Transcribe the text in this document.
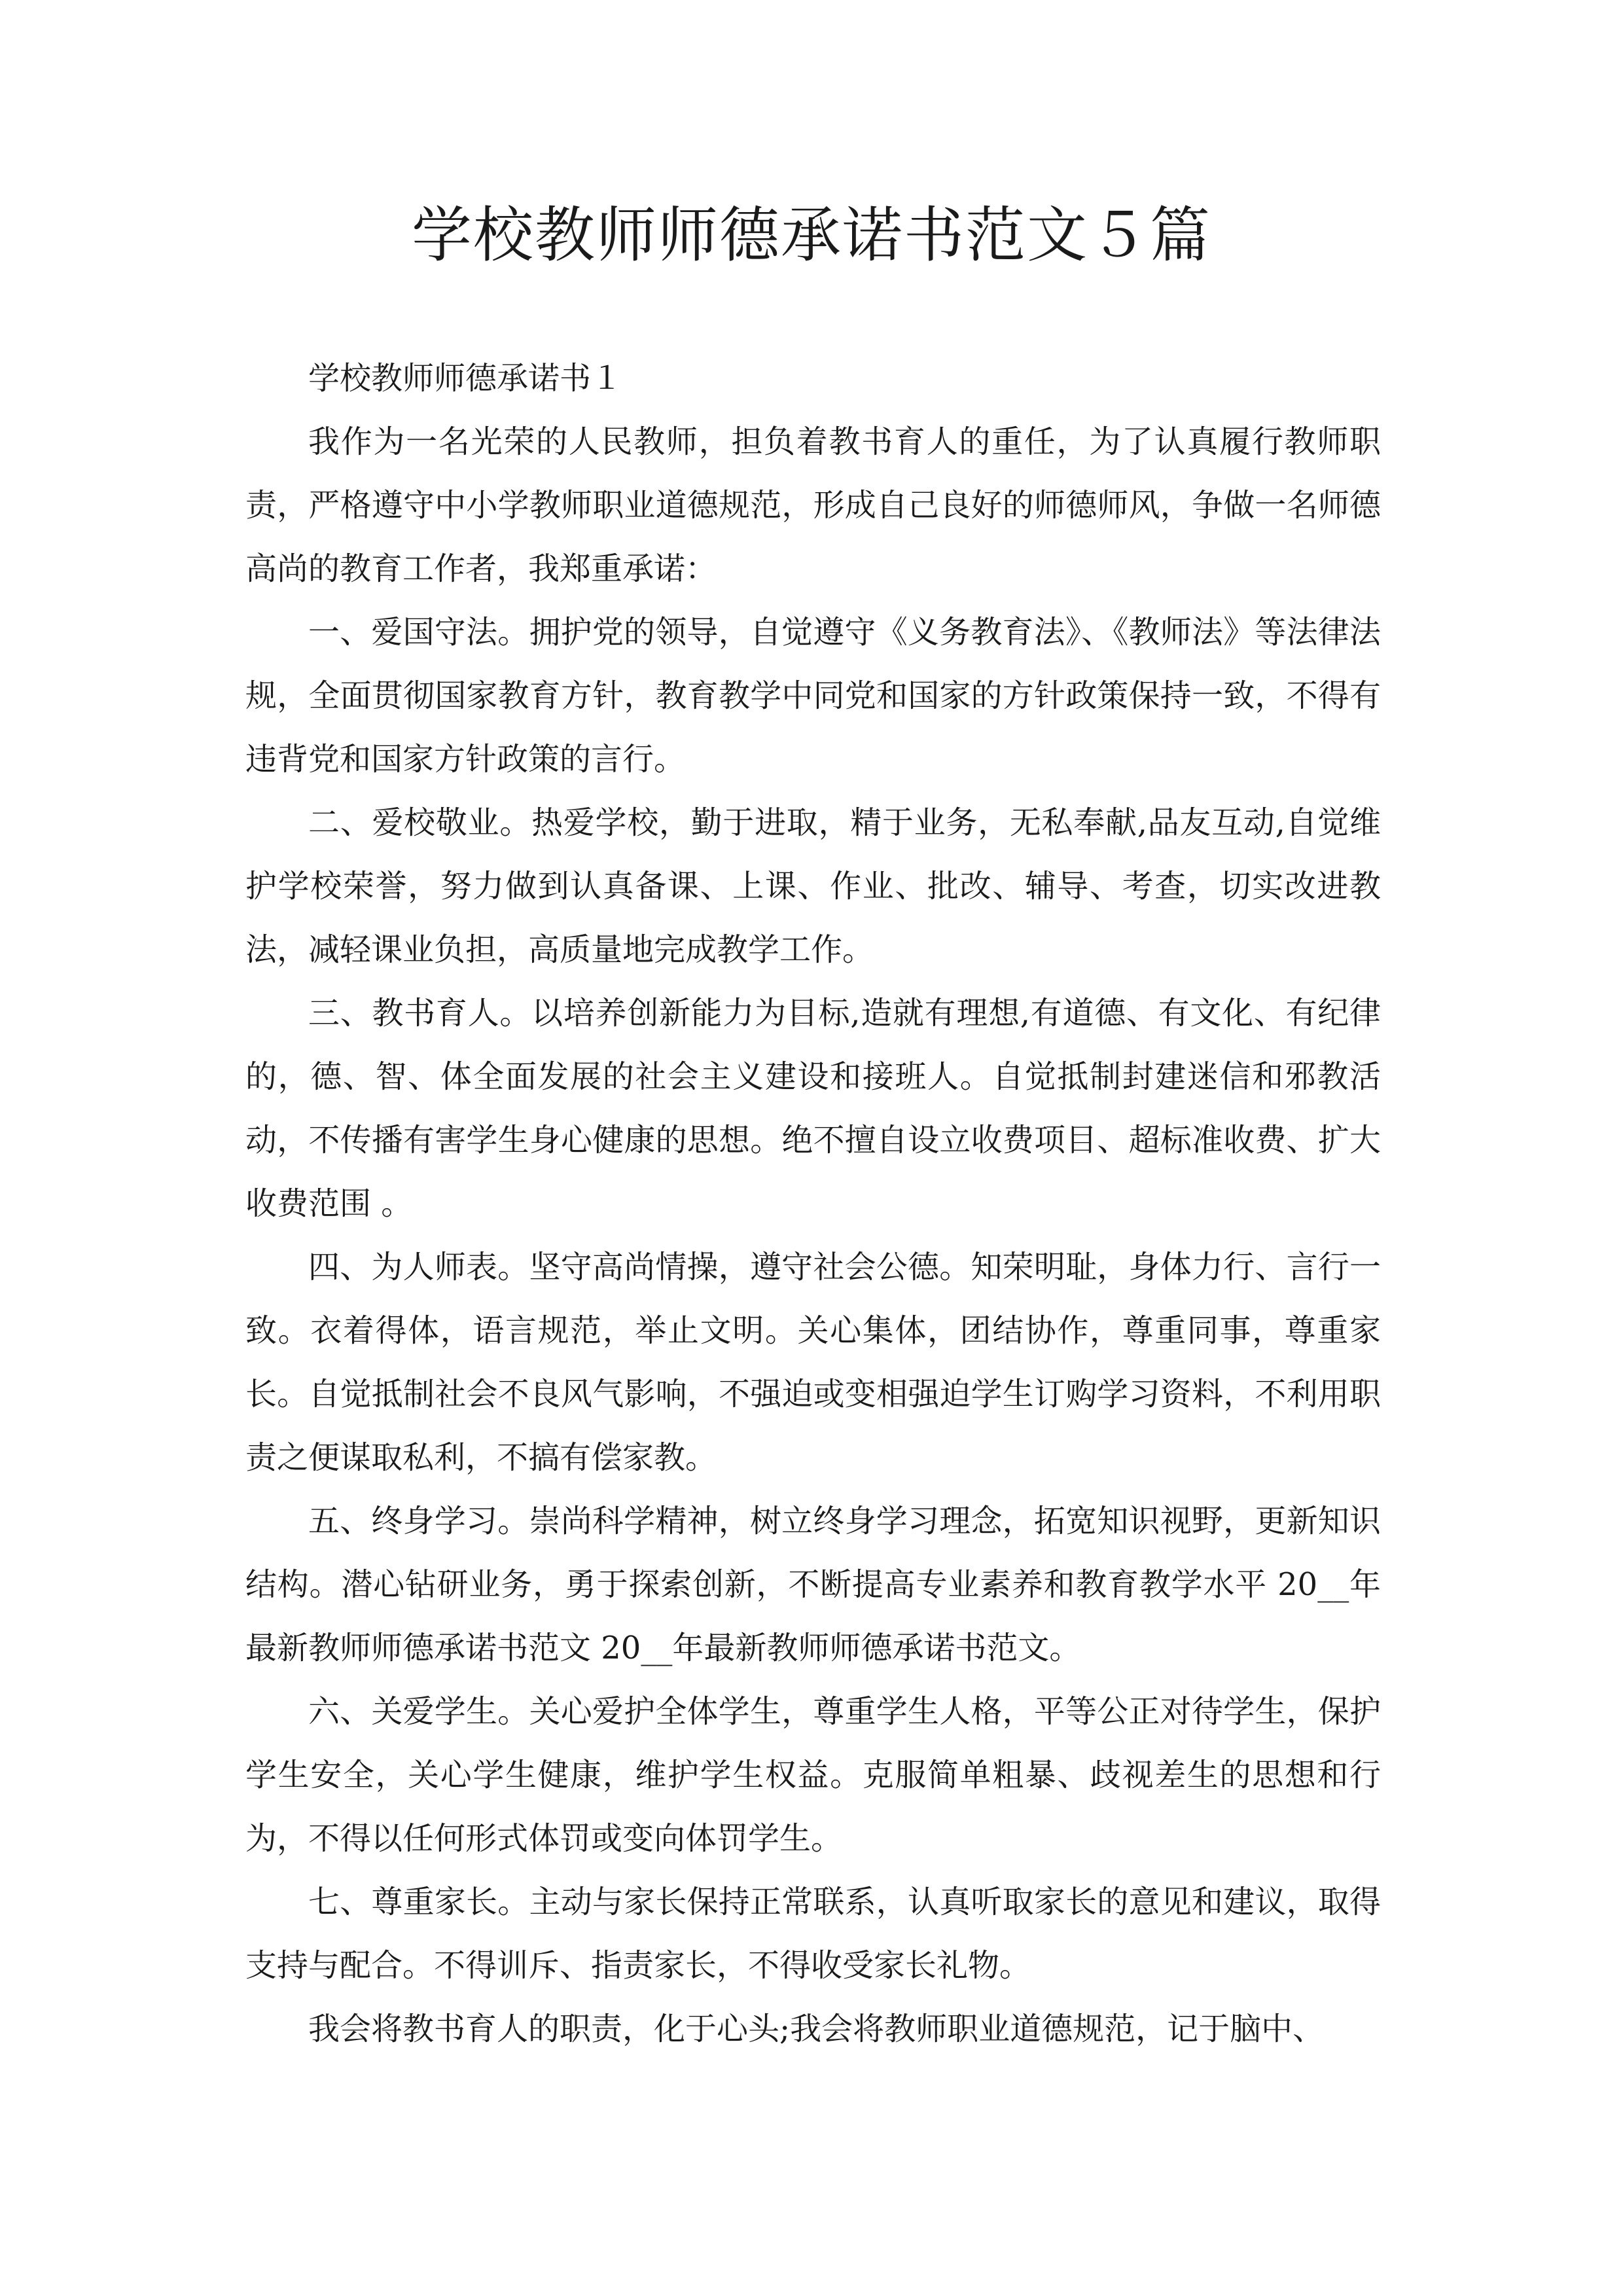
学校教师师德承诺书范文５篇

学校教师师德承诺书１

我作为一名光荣的人民教师，担负着教书育人的重任，为了认真履行教师职责，严格遵守中小学教师职业道德规范，形成自己良好的师德师风，争做一名师德高尚的教育工作者，我郑重承诺：

一、爱国守法。拥护党的领导，自觉遵守《义务教育法》、《教师法》等法律法规，全面贯彻国家教育方针，教育教学中同党和国家的方针政策保持一致，不得有违背党和国家方针政策的言行。

二、爱校敬业。热爱学校，勤于进取，精于业务，无私奉献,品友互动,自觉维护学校荣誉，努力做到认真备课、上课、作业、批改、辅导、考查，切实改进教法，减轻课业负担，高质量地完成教学工作。

三、教书育人。以培养创新能力为目标,造就有理想,有道德、有文化、有纪律的，德、智、体全面发展的社会主义建设和接班人。自觉抵制封建迷信和邪教活动，不传播有害学生身心健康的思想。绝不擅自设立收费项目、超标准收费、扩大收费范围 。

四、为人师表。坚守高尚情操，遵守社会公德。知荣明耻，身体力行、言行一致。衣着得体，语言规范，举止文明。关心集体，团结协作，尊重同事，尊重家长。自觉抵制社会不良风气影响，不强迫或变相强迫学生订购学习资料，不利用职责之便谋取私利，不搞有偿家教。

五、终身学习。崇尚科学精神，树立终身学习理念，拓宽知识视野，更新知识结构。潜心钻研业务，勇于探索创新，不断提高专业素养和教育教学水平 20__年最新教师师德承诺书范文 20__年最新教师师德承诺书范文。

六、关爱学生。关心爱护全体学生，尊重学生人格，平等公正对待学生，保护学生安全，关心学生健康，维护学生权益。克服简单粗暴、歧视差生的思想和行为，不得以任何形式体罚或变向体罚学生。

七、尊重家长。主动与家长保持正常联系，认真听取家长的意见和建议，取得支持与配合。不得训斥、指责家长，不得收受家长礼物。

我会将教书育人的职责，化于心头;我会将教师职业道德规范，记于脑中、
